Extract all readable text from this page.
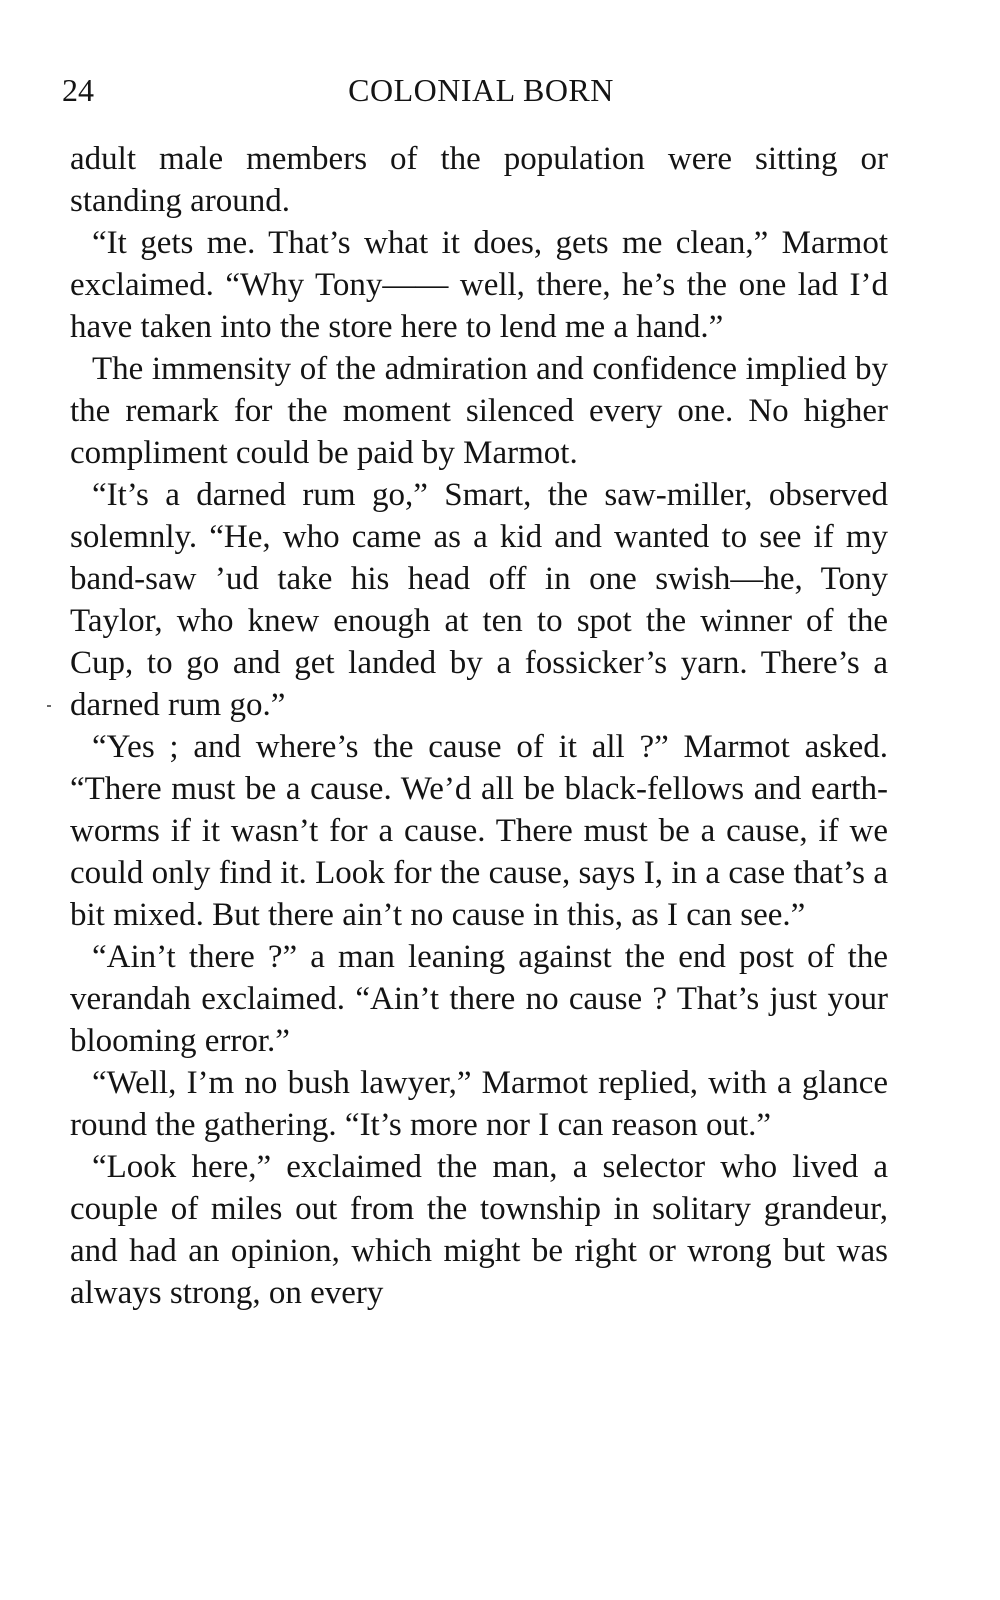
24	COLONIAL BORN

adult male members of the population were sitting or standing around.

“It gets me. That’s what it does, gets me clean,” Marmot exclaimed. “Why Tony—— well, there, he’s the one lad I’d have taken into the store here to lend me a hand.”

The immensity of the admiration and confidence implied by the remark for the moment silenced every one. No higher compliment could be paid by Marmot.

“It’s a darned rum go,” Smart, the saw-miller, observed solemnly. “He, who came as a kid and wanted to see if my band-saw ’ud take his head off in one swish—he, Tony Taylor, who knew enough at ten to spot the winner of the Cup, to go and get landed by a fossicker’s yarn. There’s a darned rum go.”

“Yes ; and where’s the cause of it all ?” Marmot asked. “There must be a cause. We’d all be black-fellows and earth-worms if it wasn’t for a cause. There must be a cause, if we could only find it. Look for the cause, says I, in a case that’s a bit mixed. But there ain’t no cause in this, as I can see.”

“Ain’t there ?” a man leaning against the end post of the verandah exclaimed. “Ain’t there no cause ? That’s just your blooming error.”

“Well, I’m no bush lawyer,” Marmot replied, with a glance round the gathering. “It’s more nor I can reason out.”

“Look here,” exclaimed the man, a selector who lived a couple of miles out from the township in solitary grandeur, and had an opinion, which might be right or wrong but was always strong, on every
